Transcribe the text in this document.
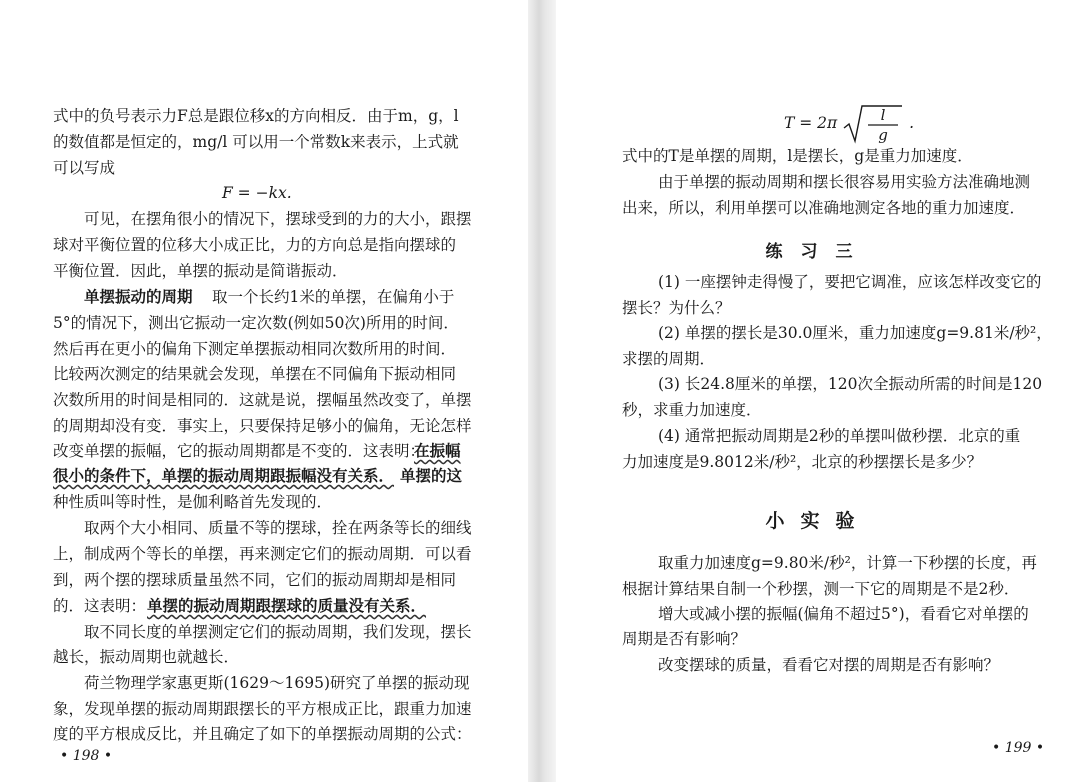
式中的负号表示力F总是跟位移x的方向相反．由于m，g，l

的数值都是恒定的，mg/l 可以用一个常数k来表示，上式就

可以写成

F = −kx.

可见，在摆角很小的情况下，摆球受到的力的大小，跟摆

球对平衡位置的位移大小成正比，力的方向总是指向摆球的

平衡位置．因此，单摆的振动是简谐振动．

单摆振动的周期 取一个长约1米的单摆，在偏角小于

5°的情况下，测出它振动一定次数(例如50次)所用的时间．

然后再在更小的偏角下测定单摆振动相同次数所用的时间．

比较两次测定的结果就会发现，单摆在不同偏角下振动相同

次数所用的时间是相同的．这就是说，摆幅虽然改变了，单摆

的周期却没有变．事实上，只要保持足够小的偏角，无论怎样

改变单摆的振幅，它的振动周期都是不变的．这表明：

在振幅

很小的条件下，单摆的振动周期跟振幅没有关系． 单摆的这

种性质叫等时性，是伽利略首先发现的．

取两个大小相同、质量不等的摆球，拴在两条等长的细线

上，制成两个等长的单摆，再来测定它们的振动周期．可以看

到，两个摆的摆球质量虽然不同，它们的振动周期却是相同

的．这表明： 单摆的振动周期跟摆球的质量没有关系．

取不同长度的单摆测定它们的振动周期，我们发现，摆长

越长，振动周期也就越长．

荷兰物理学家惠更斯(1629～1695)研究了单摆的振动现

象，发现单摆的振动周期跟摆长的平方根成正比，跟重力加速

度的平方根成反比，并且确定了如下的单摆振动周期的公式：

• 198 •

T = 2π	l
g
.

式中的T是单摆的周期，l是摆长，g是重力加速度．

由于单摆的振动周期和摆长很容易用实验方法准确地测

出来，所以，利用单摆可以准确地测定各地的重力加速度．

练习三

(1) 一座摆钟走得慢了，要把它调准，应该怎样改变它的

摆长？为什么？

(2) 单摆的摆长是30.0厘米，重力加速度g=9.81米/秒²，

求摆的周期．

(3) 长24.8厘米的单摆，120次全振动所需的时间是120

秒，求重力加速度．

(4) 通常把振动周期是2秒的单摆叫做秒摆．北京的重

力加速度是9.8012米/秒²，北京的秒摆摆长是多少？

小实验

取重力加速度g=9.80米/秒²，计算一下秒摆的长度，再

根据计算结果自制一个秒摆，测一下它的周期是不是2秒．

增大或减小摆的振幅(偏角不超过5°)，看看它对单摆的

周期是否有影响？

改变摆球的质量，看看它对摆的周期是否有影响？

• 199 •
